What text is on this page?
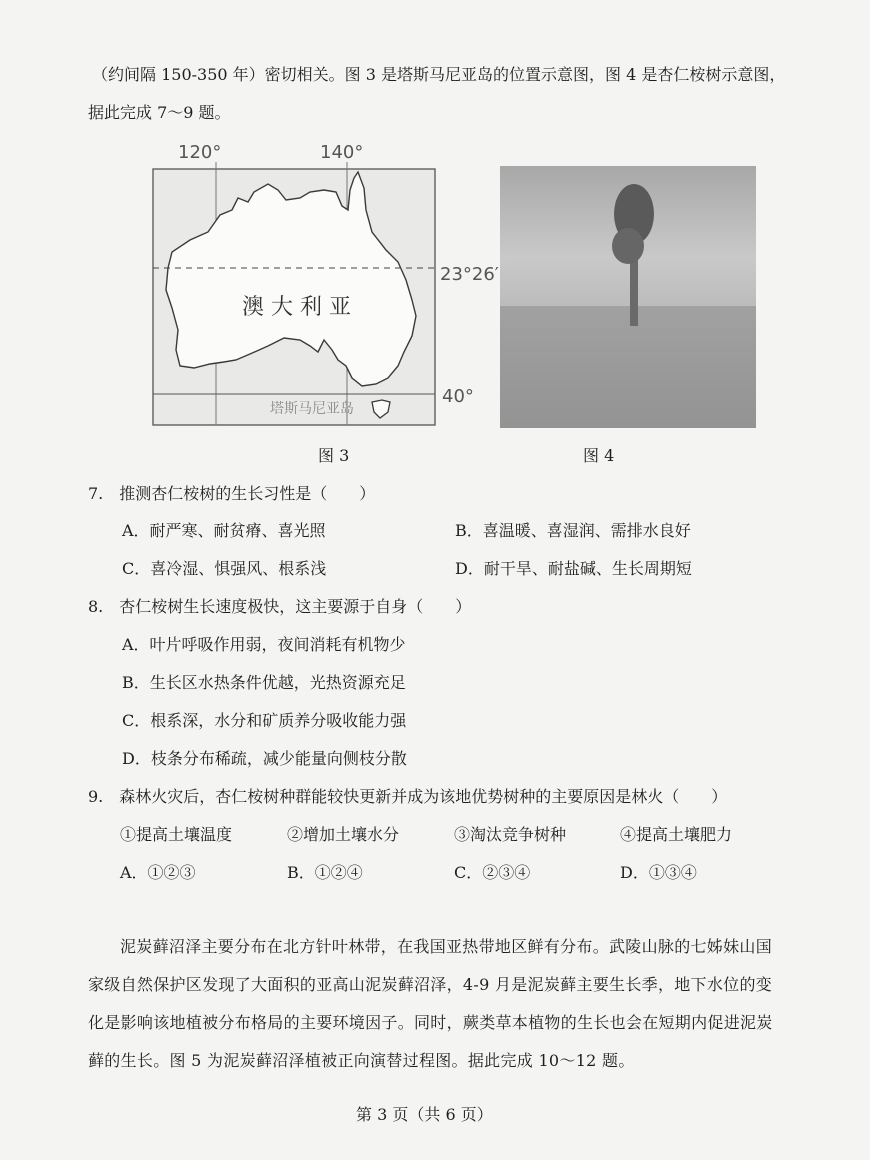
（约间隔 150-350 年）密切相关。图 3 是塔斯马尼亚岛的位置示意图，图 4 是杏仁桉树示意图，
据此完成 7～9 题。
120°	140°
23°26′
40°
澳 大 利 亚
塔斯马尼亚岛
图 3	图 4
7.　推测杏仁桉树的生长习性是（　　）
A．耐严寒、耐贫瘠、喜光照	B．喜温暖、喜湿润、需排水良好
C．喜冷湿、惧强风、根系浅	D．耐干旱、耐盐碱、生长周期短
8.　杏仁桉树生长速度极快，这主要源于自身（　　）
A．叶片呼吸作用弱，夜间消耗有机物少
B．生长区水热条件优越，光热资源充足
C．根系深，水分和矿质养分吸收能力强
D．枝条分布稀疏，减少能量向侧枝分散
9.　森林火灾后，杏仁桉树种群能较快更新并成为该地优势树种的主要原因是林火（　　）
①提高土壤温度	②增加土壤水分	③淘汰竞争树种	④提高土壤肥力
A．①②③	B．①②④	C．②③④	D．①③④
泥炭藓沼泽主要分布在北方针叶林带，在我国亚热带地区鲜有分布。武陵山脉的七姊妹山国
家级自然保护区发现了大面积的亚高山泥炭藓沼泽，4-9 月是泥炭藓主要生长季，地下水位的变
化是影响该地植被分布格局的主要环境因子。同时，蕨类草本植物的生长也会在短期内促进泥炭
藓的生长。图 5 为泥炭藓沼泽植被正向演替过程图。据此完成 10～12 题。
第 3 页（共 6 页）
